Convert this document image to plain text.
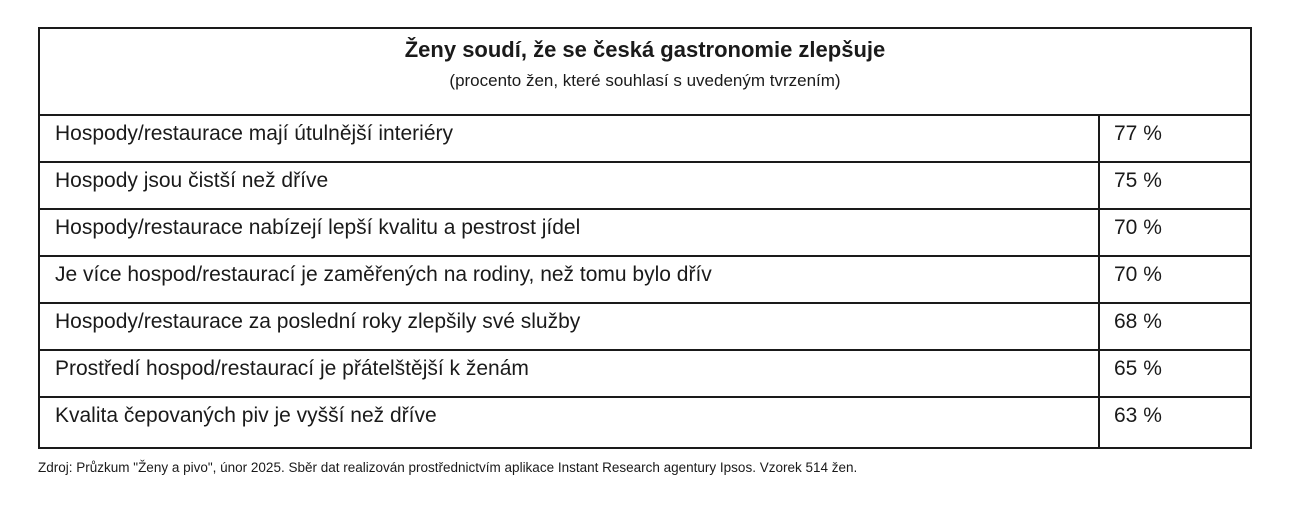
Ženy soudí, že se česká gastronomie zlepšuje
(procento žen, které souhlasí s uvedeným tvrzením)
Hospody/restaurace mají útulnější interiéry	77 %
Hospody jsou čistší než dříve	75 %
Hospody/restaurace nabízejí lepší kvalitu a pestrost jídel	70 %
Je více hospod/restaurací je zaměřených na rodiny, než tomu bylo dřív	70 %
Hospody/restaurace za poslední roky zlepšily své služby	68 %
Prostředí hospod/restaurací je přátelštější k ženám	65 %
Kvalita čepovaných piv je vyšší než dříve	63 %
Zdroj: Průzkum "Ženy a pivo", únor 2025. Sběr dat realizován prostřednictvím aplikace Instant Research agentury Ipsos. Vzorek 514 žen.
